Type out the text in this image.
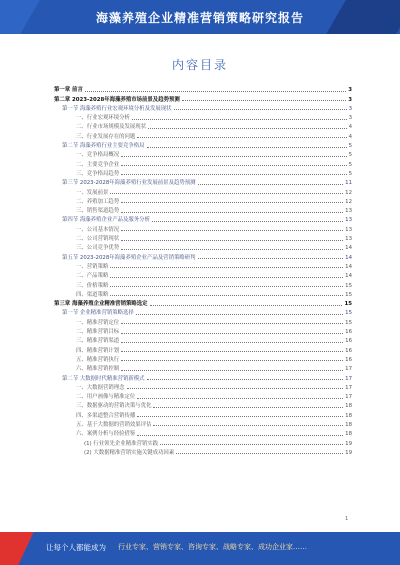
海藻养殖企业精准营销策略研究报告
内容目录
第一章 前言	3
第二章 2023-2028年海藻养殖市场前景及趋势预测	3
第一节 海藻养殖行业宏观环境分析及发展现状	3
一、行业宏观环境分析	3
二、行业市场规模及发展现状	4
三、行业发展存在的问题	4
第二节 海藻养殖行业主要竞争格局	5
一、竞争格局概况	5
二、主要竞争企业	5
三、竞争格局趋势	5
第三节 2023-2028年海藻养殖行业发展前景及趋势预测	11
一、发展前景	12
二、养殖加工趋势	12
三、销售渠道趋势	13
第四节 海藻养殖企业产品及服务分析	13
一、公司基本情况	13
二、公司营销现状	13
三、公司竞争优势	14
第五节 2023-2028年海藻养殖企业产品及营销策略研判	14
一、营销策略	14
二、产品策略	14
三、价格策略	15
四、渠道策略	15
第三章 海藻养殖企业精准营销策略选定	15
第一节 企业精准营销策略选择	15
一、精准营销定位	15
二、精准营销目标	16
三、精准营销渠道	16
四、精准营销计划	16
五、精准营销执行	16
六、精准营销控制	17
第二节 大数据时代精准营销新模式	17
一、大数据营销理念	17
二、用户画像与精准定位	17
三、数据驱动的营销决策与优化	18
四、多渠道整合营销传播	18
五、基于大数据的营销效果评估	18
六、案例分析与经验借鉴	18
(1) 行业领先企业精准营销实践	19
(2) 大数据精准营销实施关键成功因素	19
1
让每个人都能成为 行业专家、营销专家、咨询专家、战略专家、成功企业家……
